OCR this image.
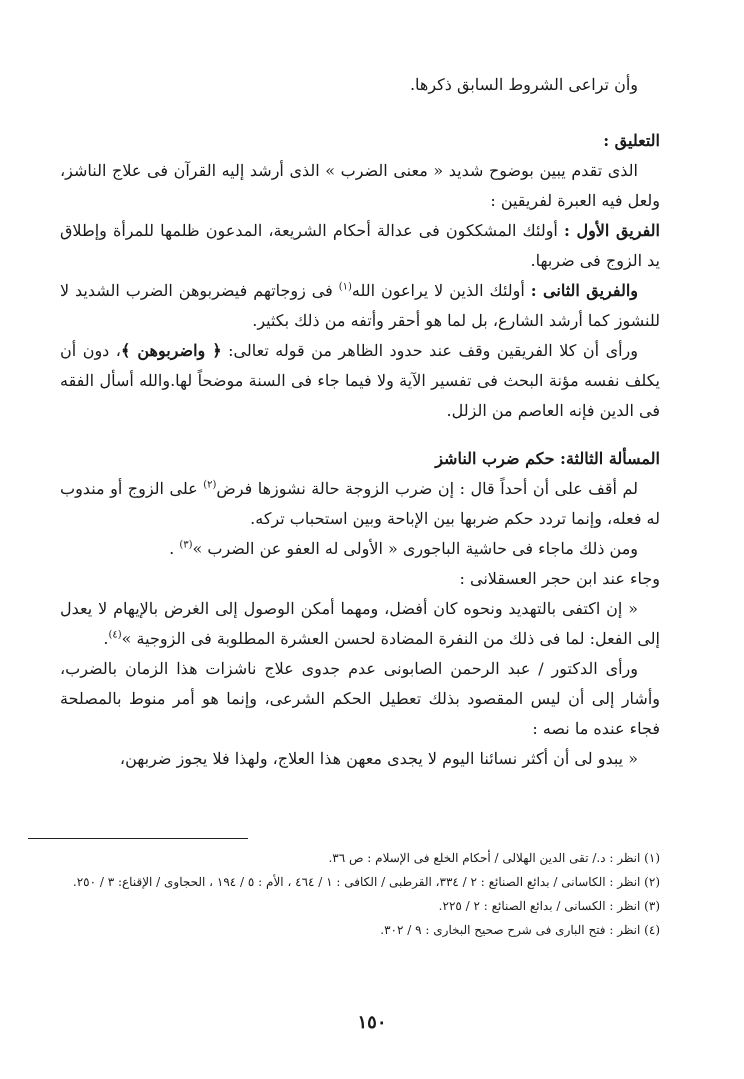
وأن تراعى الشروط السابق ذكرها.

التعليق :

الذى تقدم يبين بوضوح شديد « معنى الضرب » الذى أرشد إليه القرآن فى علاج الناشز، ولعل فيه العبرة لفريقين :

الفريق الأول : أولئك المشككون فى عدالة أحكام الشريعة، المدعون ظلمها للمرأة وإطلاق يد الزوج فى ضربها.

والفريق الثانى : أولئك الذين لا يراعون الله$^{(١)}$ فى زوجاتهم فيضربوهن الضرب الشديد لا للنشوز كما أرشد الشارع، بل لما هو أحقر وأتفه من ذلك بكثير.

ورأى أن كلا الفريقين وقف عند حدود الظاهر من قوله تعالى: ﴿ واضربوهن ﴾، دون أن يكلف نفسه مؤنة البحث فى تفسير الآية ولا فيما جاء فى السنة موضحاً لها.والله أسأل الفقه فى الدين فإنه العاصم من الزلل.

المسألة الثالثة: حكم ضرب الناشز

لم أقف على أن أحداً قال : إن ضرب الزوجة حالة نشوزها فرض$^{(٢)}$ على الزوج أو مندوب له فعله، وإنما تردد حكم ضربها بين الإباحة وبين استحباب تركه.

ومن ذلك ماجاء فى حاشية الباجورى « الأولى له العفو عن الضرب »$^{(٣)}$ .

وجاء عند ابن حجر العسقلانى :

« إن اكتفى بالتهديد ونحوه كان أفضل، ومهما أمكن الوصول إلى الغرض بالإيهام لا يعدل إلى الفعل: لما فى ذلك من النفرة المضادة لحسن العشرة المطلوبة فى الزوجية »$^{(٤)}$.

ورأى الدكتور / عبد الرحمن الصابونى عدم جدوى علاج ناشزات هذا الزمان بالضرب، وأشار إلى أن ليس المقصود بذلك تعطيل الحكم الشرعى، وإنما هو أمر منوط بالمصلحة فجاء عنده ما نصه :

« يبدو لى أن أكثر نسائنا اليوم لا يجدى معهن هذا العلاج، ولهذا فلا يجوز ضربهن،

(١) انظر : د./ تقى الدين الهلالى / أحكام الخلع فى الإسلام : ص ٣٦.

(٢) انظر : الكاسانى / بدائع الصنائع : ٢ / ٣٣٤، القرطبى / الكافى : ١ / ٤٦٤ ، الأم : ٥ / ١٩٤ ، الحجاوى / الإقناع: ٣ / ٢٥٠.

(٣) انظر : الكسانى / بدائع الصنائع : ٢ / ٢٢٥.

(٤) انظر : فتح البارى فى شرح صحيح البخارى : ٩ / ٣٠٢.

١٥٠
